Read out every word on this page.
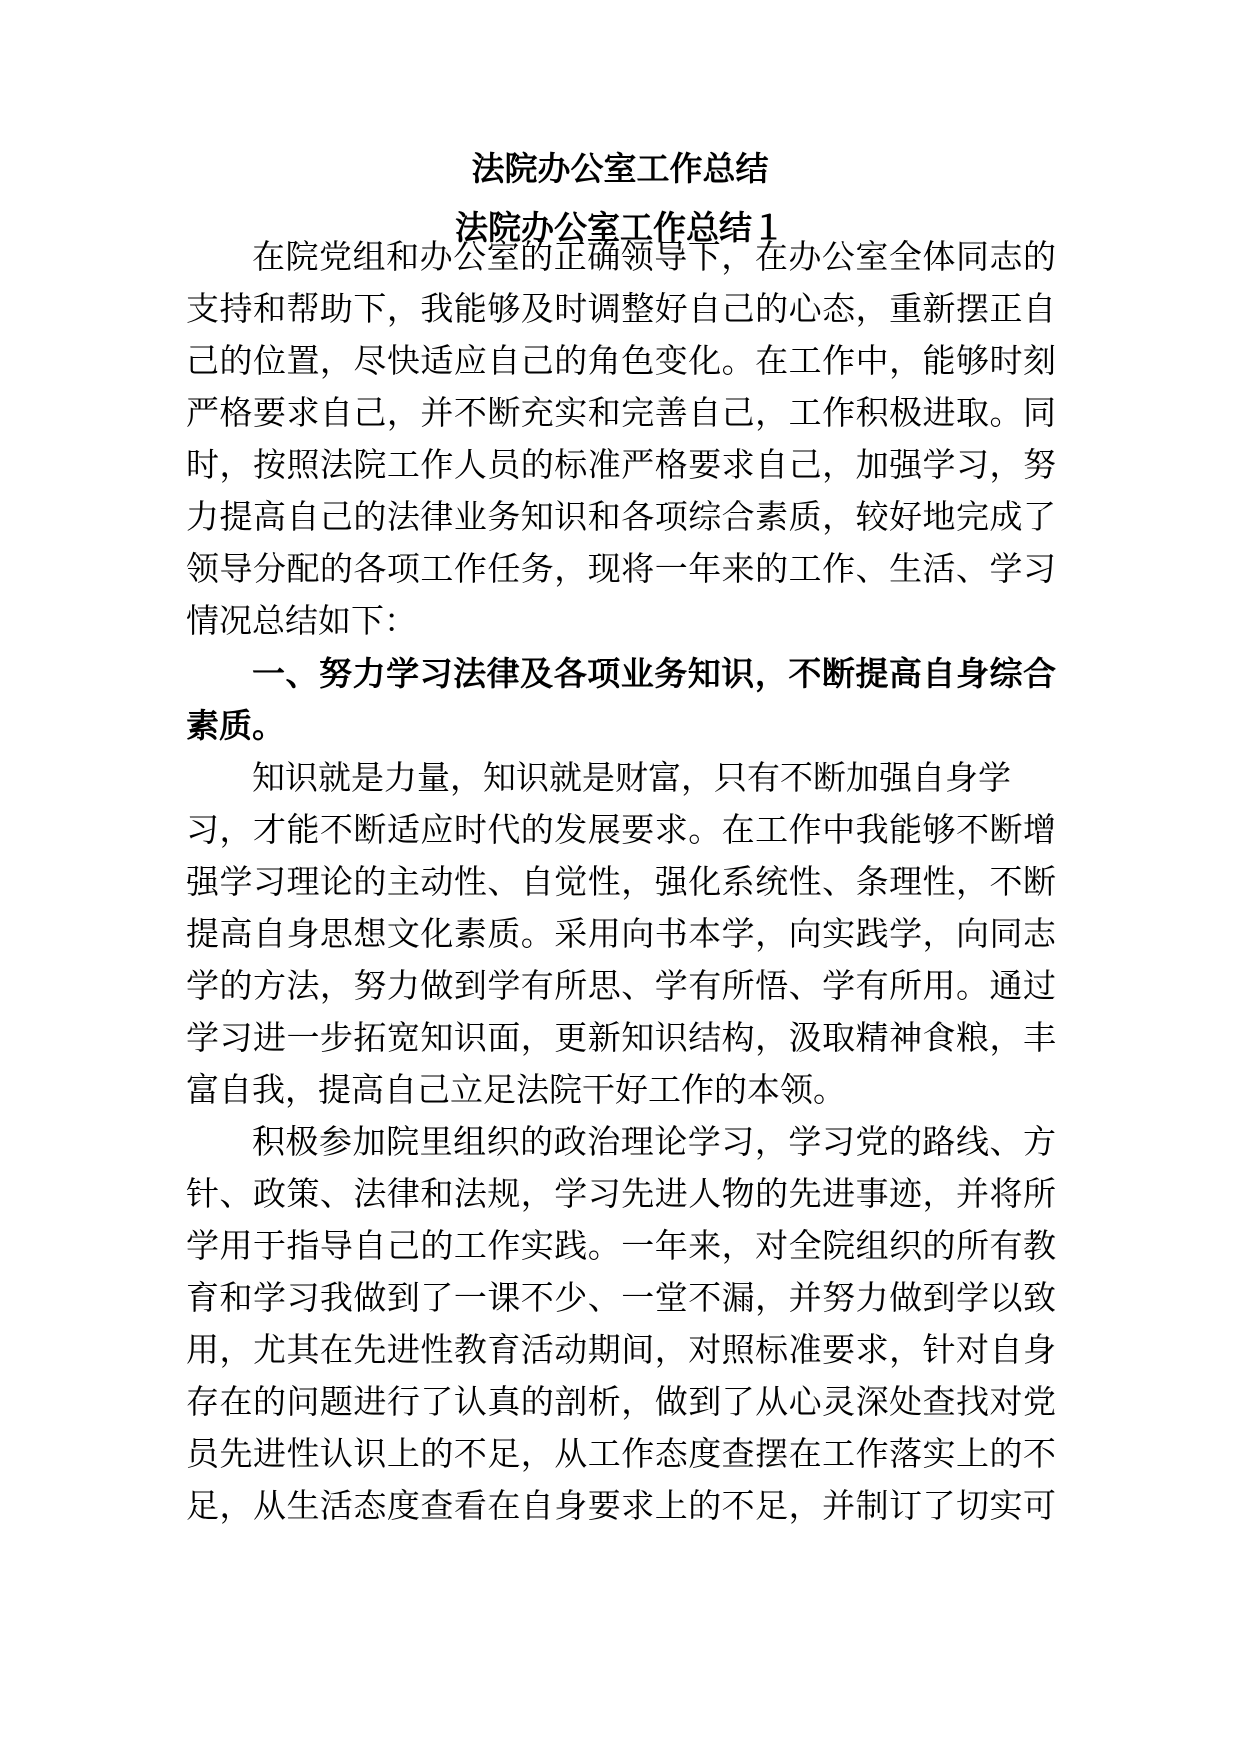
法院办公室工作总结
法院办公室工作总结１
在院党组和办公室的正确领导下，在办公室全体同志的
支持和帮助下，我能够及时调整好自己的心态，重新摆正自
己的位置，尽快适应自己的角色变化。在工作中，能够时刻
严格要求自己，并不断充实和完善自己，工作积极进取。同
时，按照法院工作人员的标准严格要求自己，加强学习，努
力提高自己的法律业务知识和各项综合素质，较好地完成了
领导分配的各项工作任务，现将一年来的工作、生活、学习
情况总结如下：
一、努力学习法律及各项业务知识，不断提高自身综合
素质。
知识就是力量，知识就是财富，只有不断加强自身学
习，才能不断适应时代的发展要求。在工作中我能够不断增
强学习理论的主动性、自觉性，强化系统性、条理性，不断
提高自身思想文化素质。采用向书本学，向实践学，向同志
学的方法，努力做到学有所思、学有所悟、学有所用。通过
学习进一步拓宽知识面，更新知识结构，汲取精神食粮，丰
富自我，提高自己立足法院干好工作的本领。
积极参加院里组织的政治理论学习，学习党的路线、方
针、政策、法律和法规，学习先进人物的先进事迹，并将所
学用于指导自己的工作实践。一年来，对全院组织的所有教
育和学习我做到了一课不少、一堂不漏，并努力做到学以致
用，尤其在先进性教育活动期间，对照标准要求，针对自身
存在的问题进行了认真的剖析，做到了从心灵深处查找对党
员先进性认识上的不足，从工作态度查摆在工作落实上的不
足，从生活态度查看在自身要求上的不足，并制订了切实可
